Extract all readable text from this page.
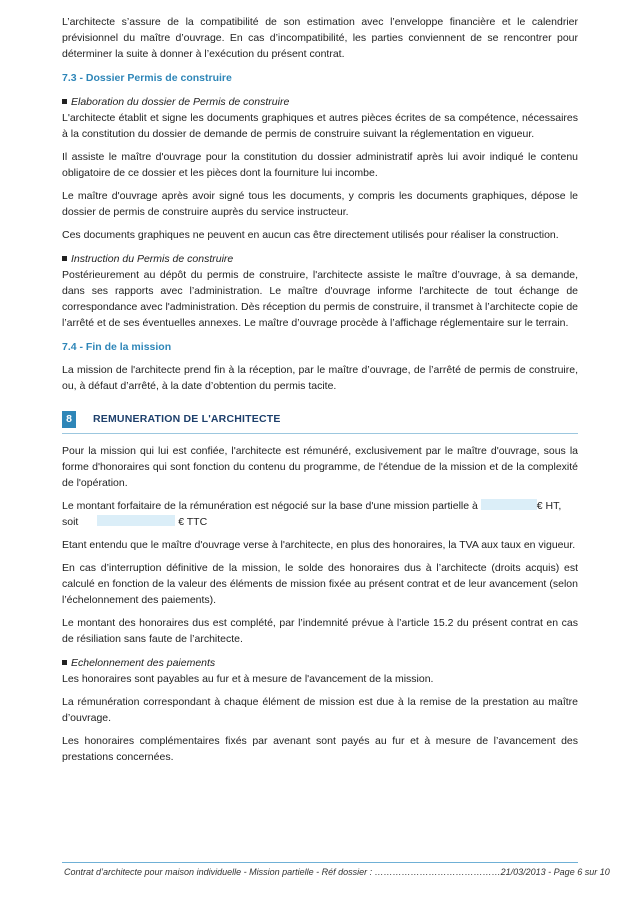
L’architecte s’assure de la compatibilité de son estimation avec l’enveloppe financière et le calendrier prévisionnel du maître d’ouvrage. En cas d’incompatibilité, les parties conviennent de se rencontrer pour déterminer la suite à donner à l’exécution du présent contrat.

7.3 - Dossier Permis de construire
Elaboration du dossier de Permis de construire

L'architecte établit et signe les documents graphiques et autres pièces écrites de sa compétence, nécessaires à la constitution du dossier de demande de permis de construire suivant la réglementation en vigueur.

Il assiste le maître d'ouvrage pour la constitution du dossier administratif après lui avoir indiqué le contenu obligatoire de ce dossier et les pièces dont la fourniture lui incombe.

Le maître d'ouvrage après avoir signé tous les documents, y compris les documents graphiques, dépose le dossier de permis de construire auprès du service instructeur.

Ces documents graphiques ne peuvent en aucun cas être directement utilisés pour réaliser la construction.

Instruction du Permis de construire

Postérieurement au dépôt du permis de construire, l'architecte assiste le maître d’ouvrage, à sa demande, dans ses rapports avec l’administration. Le maître d'ouvrage informe l'architecte de tout échange de correspondance avec l'administration. Dès réception du permis de construire, il transmet à l’architecte copie de l’arrêté et de ses éventuelles annexes. Le maître d’ouvrage procède à l’affichage réglementaire sur le terrain.

7.4 - Fin de la mission

La mission de l'architecte prend fin à la réception, par le maître d’ouvrage, de l’arrêté de permis de construire, ou, à défaut d’arrêté, à la date d’obtention du permis tacite.

8	REMUNERATION DE L'ARCHITECTE

Pour la mission qui lui est confiée, l'architecte est rémunéré, exclusivement par le maître d'ouvrage, sous la forme d'honoraires qui sont fonction du contenu du programme, de l'étendue de la mission et de la complexité de l'opération.

Le montant forfaitaire de la rémunération est négocié sur la base d'une mission partielle à	€ HT,
soit	€ TTC

Etant entendu que le maître d'ouvrage verse à l'architecte, en plus des honoraires, la TVA aux taux en vigueur.

En cas d’interruption définitive de la mission, le solde des honoraires dus à l’architecte (droits acquis) est calculé en fonction de la valeur des éléments de mission fixée au présent contrat et de leur avancement (selon l’échelonnement des paiements).

Le montant des honoraires dus est complété, par l’indemnité prévue à l’article 15.2 du présent contrat en cas de résiliation sans faute de l’architecte.

Echelonnement des paiements

Les honoraires sont payables au fur et à mesure de l'avancement de la mission.

La rémunération correspondant à chaque élément de mission est due à la remise de la prestation au maître d’ouvrage.

Les honoraires complémentaires fixés par avenant sont payés au fur et à mesure de l’avancement des prestations concernées.

Contrat d’architecte pour maison individuelle - Mission partielle - Réf dossier : ……………………………………21/03/2013 - Page 6 sur 10
